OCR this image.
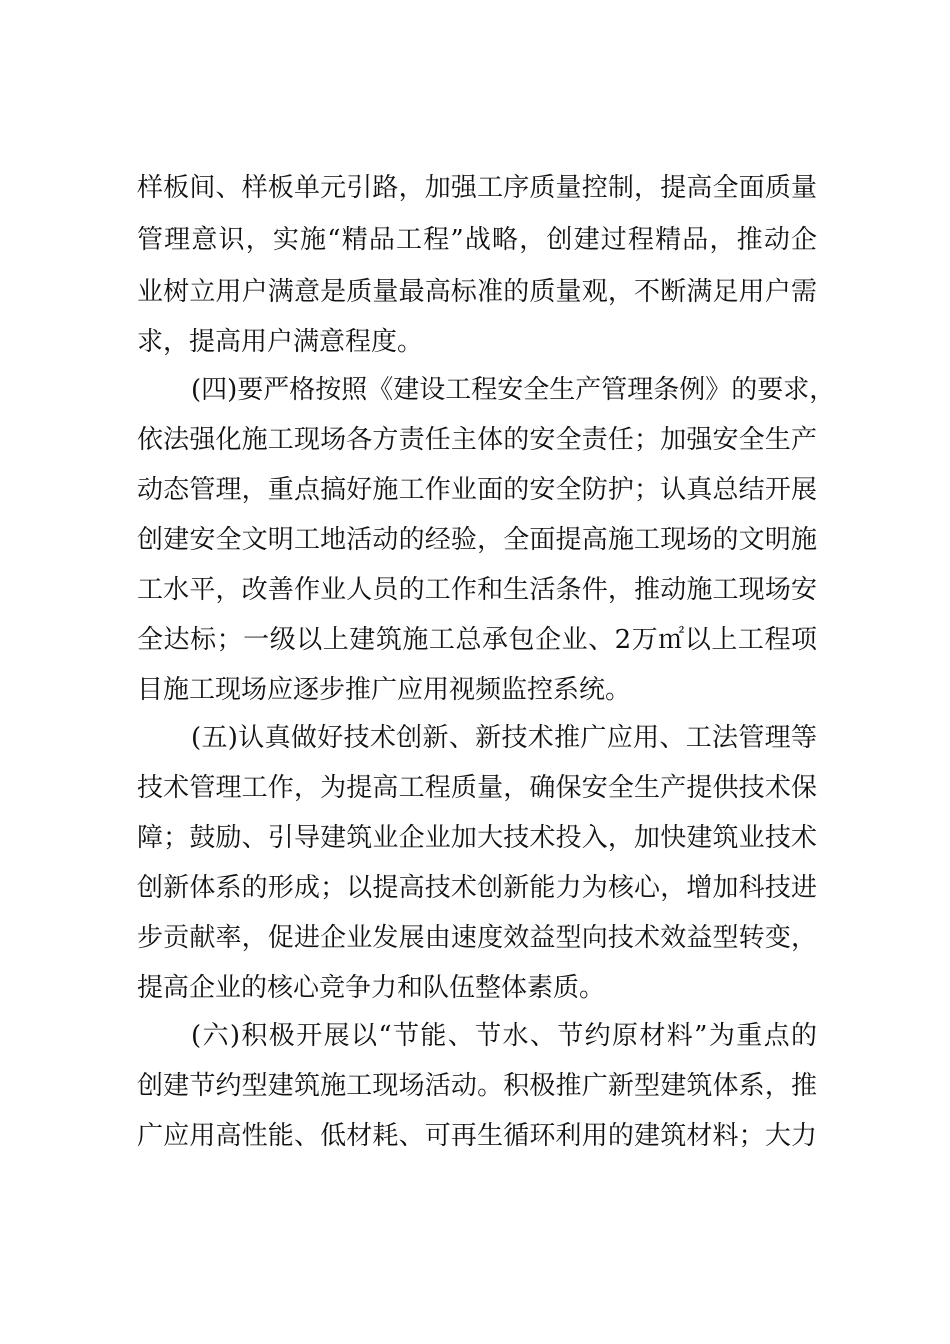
样板间、样板单元引路，加强工序质量控制，提高全面质量
管理意识，实施“精品工程”战略，创建过程精品，推动企
业树立用户满意是质量最高标准的质量观，不断满足用户需
求，提高用户满意程度。
(四)要严格按照《建设工程安全生产管理条例》的要求，
依法强化施工现场各方责任主体的安全责任；加强安全生产
动态管理，重点搞好施工作业面的安全防护；认真总结开展
创建安全文明工地活动的经验，全面提高施工现场的文明施
工水平，改善作业人员的工作和生活条件，推动施工现场安
全达标；一级以上建筑施工总承包企业、2万㎡以上工程项
目施工现场应逐步推广应用视频监控系统。
(五)认真做好技术创新、新技术推广应用、工法管理等
技术管理工作，为提高工程质量，确保安全生产提供技术保
障；鼓励、引导建筑业企业加大技术投入，加快建筑业技术
创新体系的形成；以提高技术创新能力为核心，增加科技进
步贡献率，促进企业发展由速度效益型向技术效益型转变，
提高企业的核心竞争力和队伍整体素质。
(六)积极开展以“节能、节水、节约原材料”为重点的
创建节约型建筑施工现场活动。积极推广新型建筑体系，推
广应用高性能、低材耗、可再生循环利用的建筑材料；大力
